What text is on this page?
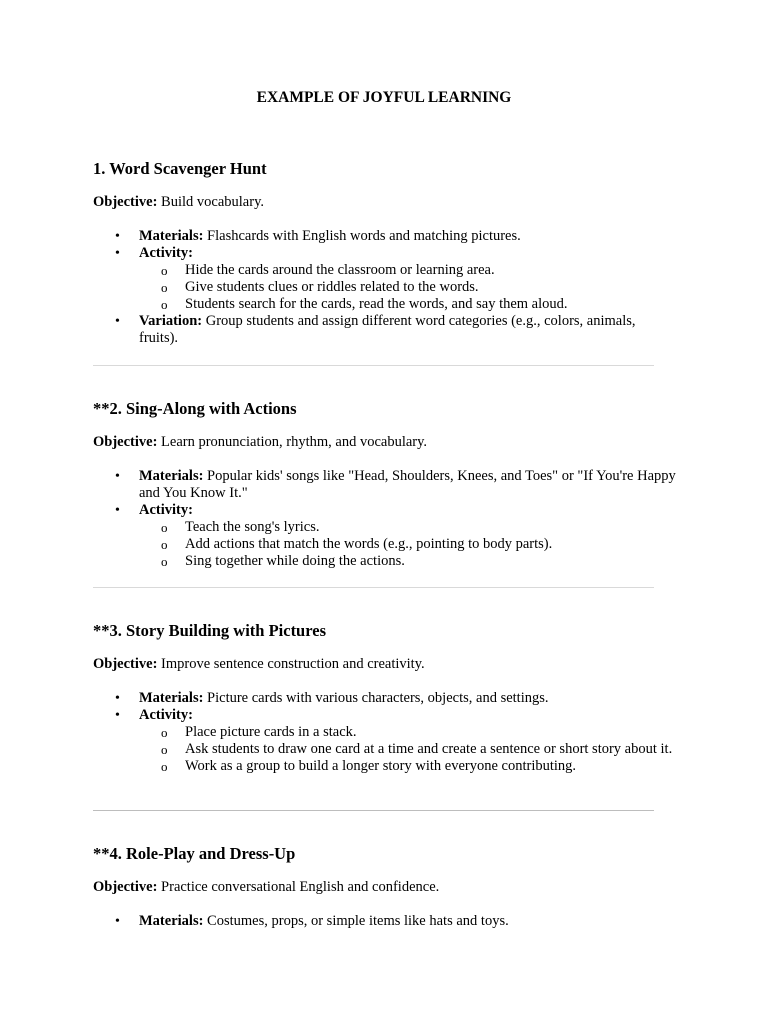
EXAMPLE OF JOYFUL LEARNING
1. Word Scavenger Hunt

Objective: Build vocabulary.

• Materials: Flashcards with English words and matching pictures.
• Activity:
o Hide the cards around the classroom or learning area.
o Give students clues or riddles related to the words.
o Students search for the cards, read the words, and say them aloud.
• Variation: Group students and assign different word categories (e.g., colors, animals, fruits).
**2. Sing-Along with Actions

Objective: Learn pronunciation, rhythm, and vocabulary.

• Materials: Popular kids' songs like "Head, Shoulders, Knees, and Toes" or "If You're Happy and You Know It."
• Activity:
o Teach the song's lyrics.
o Add actions that match the words (e.g., pointing to body parts).
o Sing together while doing the actions.
**3. Story Building with Pictures

Objective: Improve sentence construction and creativity.

• Materials: Picture cards with various characters, objects, and settings.
• Activity:
o Place picture cards in a stack.
o Ask students to draw one card at a time and create a sentence or short story about it.
o Work as a group to build a longer story with everyone contributing.
**4. Role-Play and Dress-Up

Objective: Practice conversational English and confidence.

• Materials: Costumes, props, or simple items like hats and toys.
